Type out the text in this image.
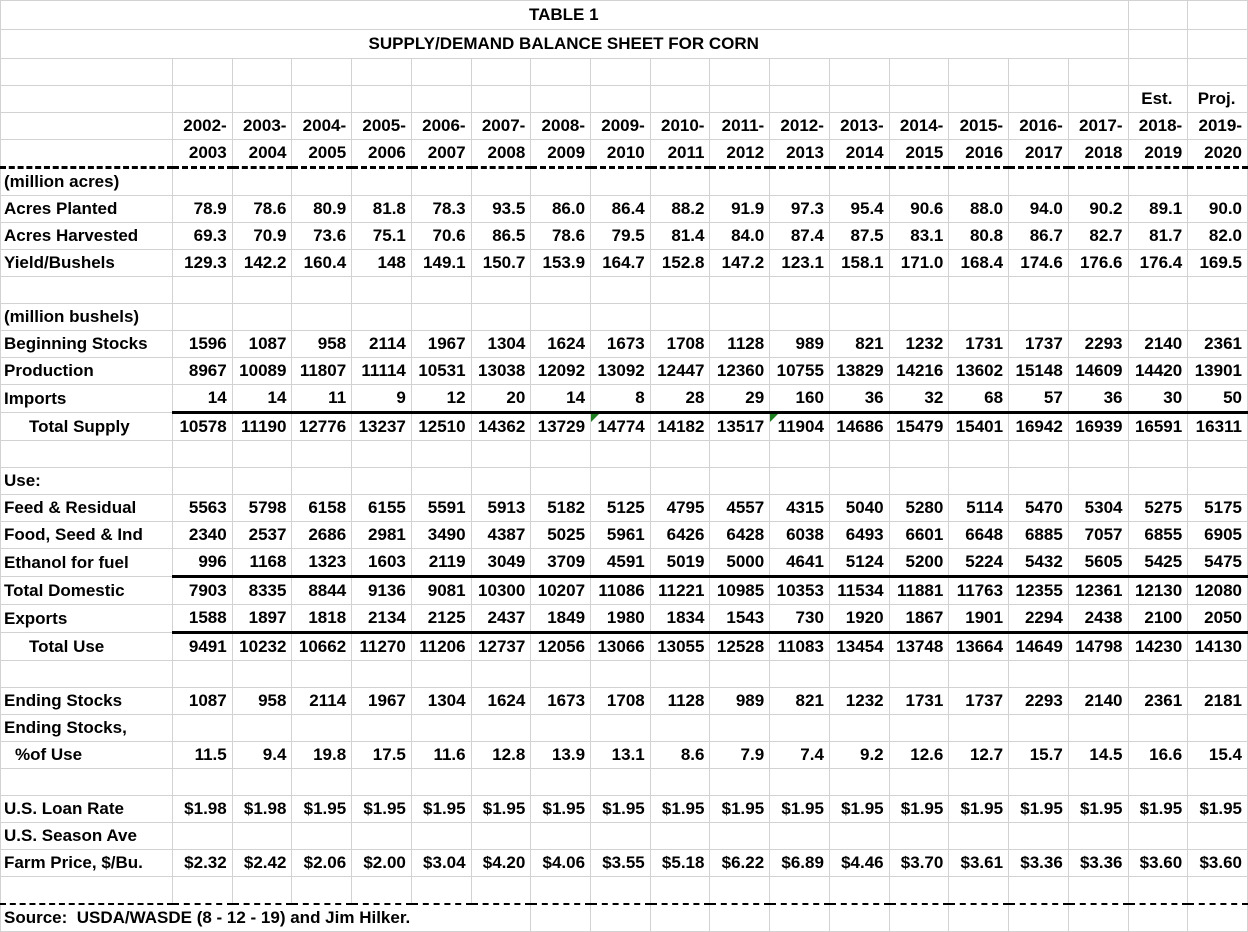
TABLE 1																		
SUPPLY/DEMAND BALANCE SHEET FOR CORN																		

																	Est.	Proj.
	2002-	2003-	2004-	2005-	2006-	2007-	2008-	2009-	2010-	2011-	2012-	2013-	2014-	2015-	2016-	2017-	2018-	2019-
	2003	2004	2005	2006	2007	2008	2009	2010	2011	2012	2013	2014	2015	2016	2017	2018	2019	2020
(million acres)																		
Acres Planted	78.9	78.6	80.9	81.8	78.3	93.5	86.0	86.4	88.2	91.9	97.3	95.4	90.6	88.0	94.0	90.2	89.1	90.0
Acres Harvested	69.3	70.9	73.6	75.1	70.6	86.5	78.6	79.5	81.4	84.0	87.4	87.5	83.1	80.8	86.7	82.7	81.7	82.0
Yield/Bushels	129.3	142.2	160.4	148	149.1	150.7	153.9	164.7	152.8	147.2	123.1	158.1	171.0	168.4	174.6	176.6	176.4	169.5

(million bushels)																		
Beginning Stocks	1596	1087	958	2114	1967	1304	1624	1673	1708	1128	989	821	1232	1731	1737	2293	2140	2361
Production	8967	10089	11807	11114	10531	13038	12092	13092	12447	12360	10755	13829	14216	13602	15148	14609	14420	13901
Imports	14	14	11	9	12	20	14	8	28	29	160	36	32	68	57	36	30	50
Total Supply	10578	11190	12776	13237	12510	14362	13729	14774	14182	13517	11904	14686	15479	15401	16942	16939	16591	16311

Use:																		
Feed & Residual	5563	5798	6158	6155	5591	5913	5182	5125	4795	4557	4315	5040	5280	5114	5470	5304	5275	5175
Food, Seed & Ind	2340	2537	2686	2981	3490	4387	5025	5961	6426	6428	6038	6493	6601	6648	6885	7057	6855	6905
Ethanol for fuel	996	1168	1323	1603	2119	3049	3709	4591	5019	5000	4641	5124	5200	5224	5432	5605	5425	5475
Total Domestic	7903	8335	8844	9136	9081	10300	10207	11086	11221	10985	10353	11534	11881	11763	12355	12361	12130	12080
Exports	1588	1897	1818	2134	2125	2437	1849	1980	1834	1543	730	1920	1867	1901	2294	2438	2100	2050
Total Use	9491	10232	10662	11270	11206	12737	12056	13066	13055	12528	11083	13454	13748	13664	14649	14798	14230	14130

Ending Stocks	1087	958	2114	1967	1304	1624	1673	1708	1128	989	821	1232	1731	1737	2293	2140	2361	2181
Ending Stocks,																		
%of Use	11.5	9.4	19.8	17.5	11.6	12.8	13.9	13.1	8.6	7.9	7.4	9.2	12.6	12.7	15.7	14.5	16.6	15.4

U.S. Loan Rate	$1.98	$1.98	$1.95	$1.95	$1.95	$1.95	$1.95	$1.95	$1.95	$1.95	$1.95	$1.95	$1.95	$1.95	$1.95	$1.95	$1.95	$1.95
U.S. Season Ave																		
Farm Price, $/Bu.	$2.32	$2.42	$2.06	$2.00	$3.04	$4.20	$4.06	$3.55	$5.18	$6.22	$6.89	$4.46	$3.70	$3.61	$3.36	$3.36	$3.60	$3.60

Source:  USDA/WASDE (8 - 12 - 19) and Jim Hilker.																		
